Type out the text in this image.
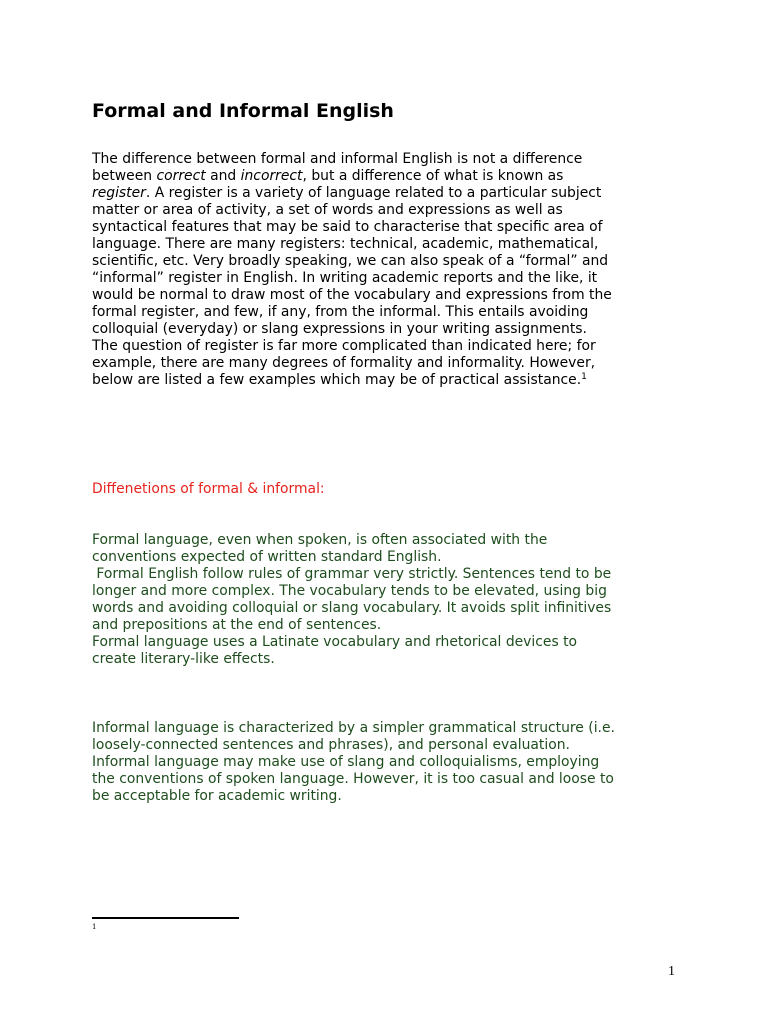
Formal and Informal English

The difference between formal and informal English is not a difference
between correct and incorrect, but a difference of what is known as
register. A register is a variety of language related to a particular subject
matter or area of activity, a set of words and expressions as well as
syntactical features that may be said to characterise that specific area of
language. There are many registers: technical, academic, mathematical,
scientific, etc. Very broadly speaking, we can also speak of a “formal” and
“informal” register in English. In writing academic reports and the like, it
would be normal to draw most of the vocabulary and expressions from the
formal register, and few, if any, from the informal. This entails avoiding
colloquial (everyday) or slang expressions in your writing assignments.
The question of register is far more complicated than indicated here; for
example, there are many degrees of formality and informality. However,
below are listed a few examples which may be of practical assistance.$^1$

Diffenetions of formal & informal:

Formal language, even when spoken, is often associated with the
conventions expected of written standard English.
Formal English follow rules of grammar very strictly. Sentences tend to be
longer and more complex. The vocabulary tends to be elevated, using big
words and avoiding colloquial or slang vocabulary. It avoids split infinitives
and prepositions at the end of sentences.
Formal language uses a Latinate vocabulary and rhetorical devices to
create literary-like effects.

Informal language is characterized by a simpler grammatical structure (i.e.
loosely-connected sentences and phrases), and personal evaluation.
Informal language may make use of slang and colloquialisms, employing
the conventions of spoken language. However, it is too casual and loose to
be acceptable for academic writing.

1
1
